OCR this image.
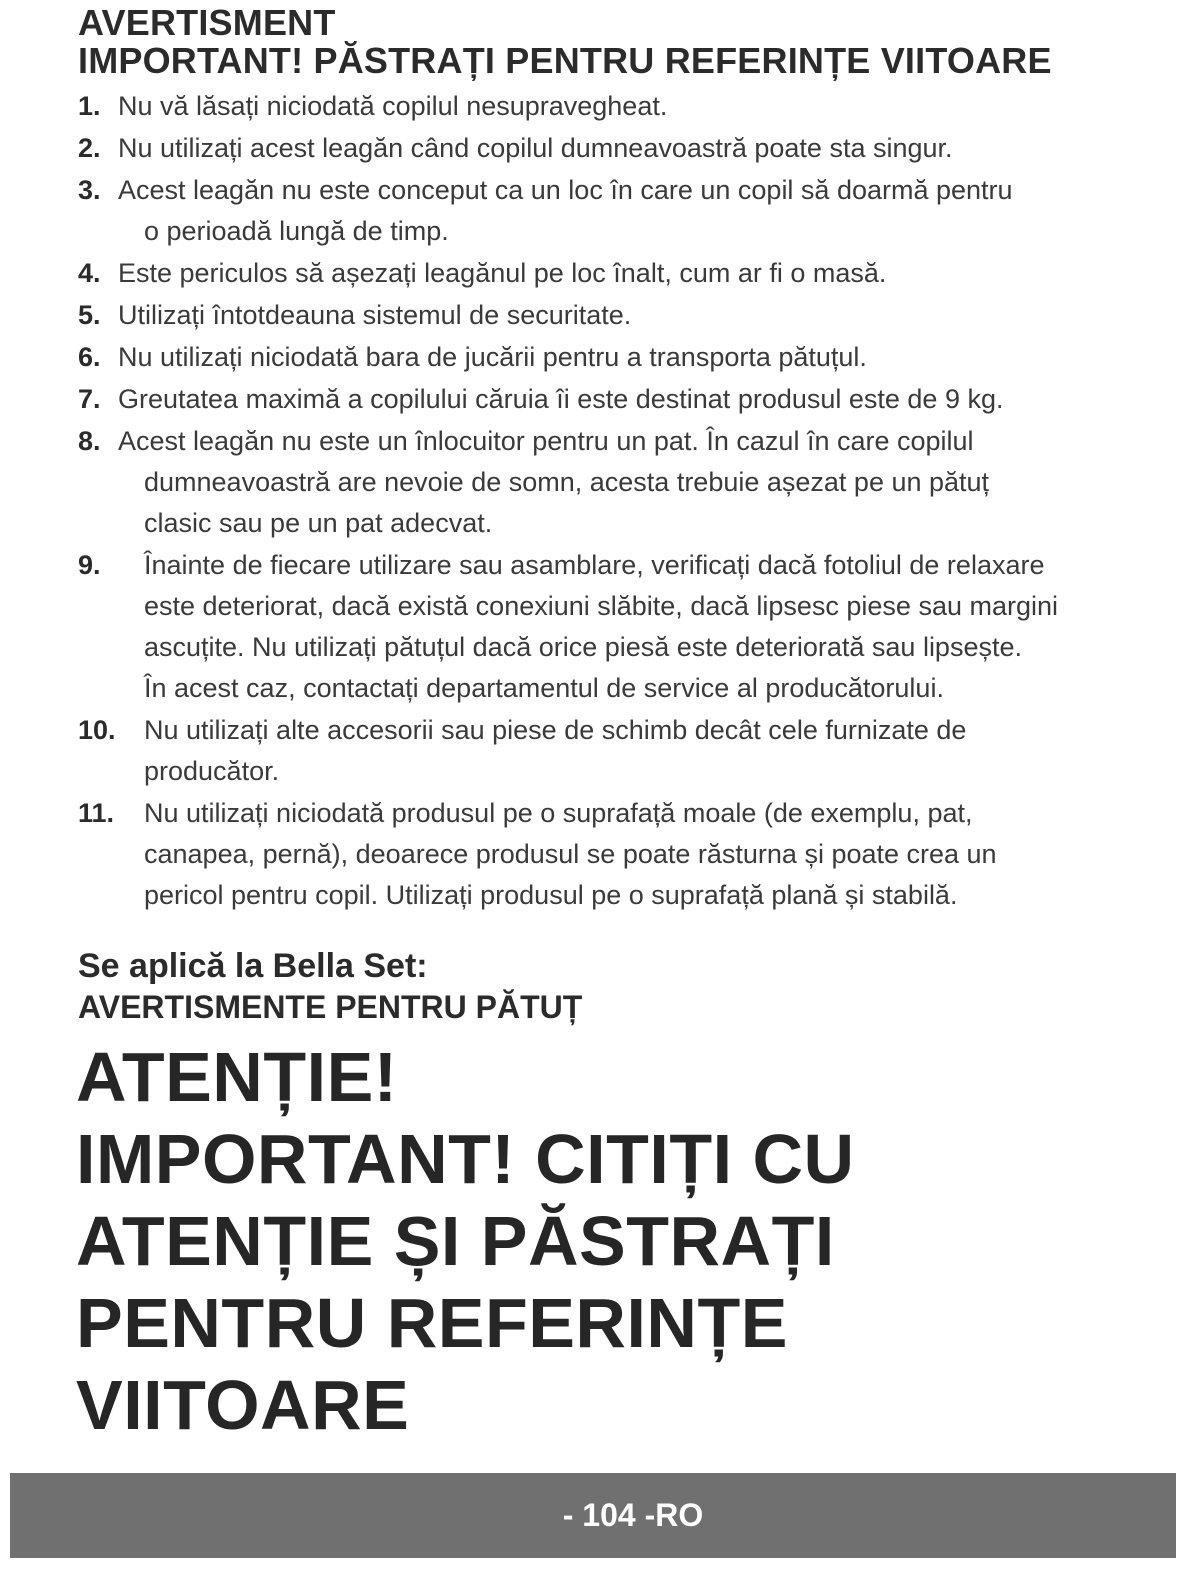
AVERTISMENT
IMPORTANT! PĂSTRAȚI PENTRU REFERINȚE VIITOARE
1. Nu vă lăsați niciodată copilul nesupravegheat.
2. Nu utilizați acest leagăn când copilul dumneavoastră poate sta singur.
3. Acest leagăn nu este conceput ca un loc în care un copil să doarmă pentru
o perioadă lungă de timp.
4. Este periculos să așezați leagănul pe loc înalt, cum ar fi o masă.
5. Utilizați întotdeauna sistemul de securitate.
6. Nu utilizați niciodată bara de jucării pentru a transporta pătuțul.
7. Greutatea maximă a copilului căruia îi este destinat produsul este de 9 kg.
8. Acest leagăn nu este un înlocuitor pentru un pat. În cazul în care copilul
dumneavoastră are nevoie de somn, acesta trebuie așezat pe un pătuț
clasic sau pe un pat adecvat.
9. Înainte de fiecare utilizare sau asamblare, verificați dacă fotoliul de relaxare
este deteriorat, dacă există conexiuni slăbite, dacă lipsesc piese sau margini
ascuțite. Nu utilizați pătuțul dacă orice piesă este deteriorată sau lipsește.
În acest caz, contactați departamentul de service al producătorului.
10. Nu utilizați alte accesorii sau piese de schimb decât cele furnizate de
producător.
11. Nu utilizați niciodată produsul pe o suprafață moale (de exemplu, pat,
canapea, pernă), deoarece produsul se poate răsturna și poate crea un
pericol pentru copil. Utilizați produsul pe o suprafață plană și stabilă.
Se aplică la Bella Set:
AVERTISMENTE PENTRU PĂTUȚ
ATENȚIE!
IMPORTANT! CITIȚI CU
ATENȚIE ȘI PĂSTRAȚI
PENTRU REFERINȚE
VIITOARE
- 104 -RO
